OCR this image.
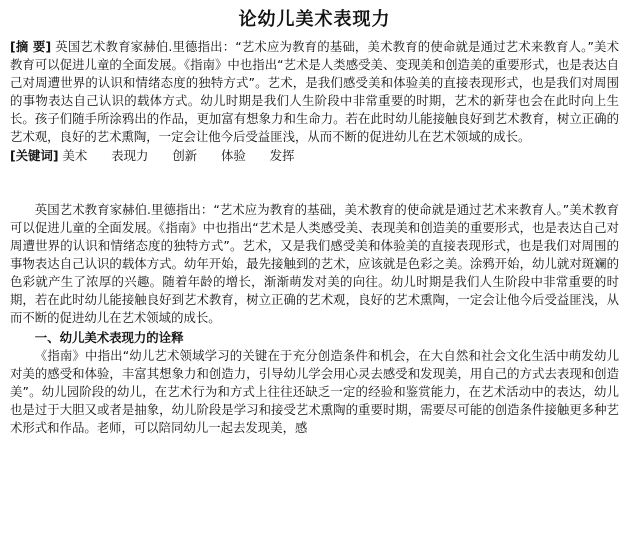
论幼儿美术表现力

[摘 要] 英国艺术教育家赫伯.里德指出：“艺术应为教育的基础，美术教育的使命就是通过艺术来教育人。”美术教育可以促进儿童的全面发展。《指南》中也指出“艺术是人类感受美、变现美和创造美的重要形式，也是表达自己对周遭世界的认识和情绪态度的独特方式”。艺术，是我们感受美和体验美的直接表现形式，也是我们对周围的事物表达自己认识的载体方式。幼儿时期是我们人生阶段中非常重要的时期，艺术的新芽也会在此时向上生长。孩子们随手所涂鸦出的作品，更加富有想象力和生命力。若在此时幼儿能接触良好到艺术教育，树立正确的艺术观，良好的艺术熏陶，一定会让他今后受益匪浅，从而不断的促进幼儿在艺术领域的成长。

[关键词] 美术 表现力 创新 体验 发挥

英国艺术教育家赫伯.里德指出：“艺术应为教育的基础，美术教育的使命就是通过艺术来教育人。”美术教育可以促进儿童的全面发展。《指南》中也指出“艺术是人类感受美、表现美和创造美的重要形式，也是表达自己对周遭世界的认识和情绪态度的独特方式”。艺术，又是我们感受美和体验美的直接表现形式，也是我们对周围的事物表达自己认识的载体方式。幼年开始，最先接触到的艺术，应该就是色彩之美。涂鸦开始，幼儿就对斑斓的色彩就产生了浓厚的兴趣。随着年龄的增长，渐渐萌发对美的向往。幼儿时期是我们人生阶段中非常重要的时期，若在此时幼儿能接触良好到艺术教育，树立正确的艺术观，良好的艺术熏陶，一定会让他今后受益匪浅，从而不断的促进幼儿在艺术领域的成长。

一、幼儿美术表现力的诠释

《指南》中指出“幼儿艺术领域学习的关键在于充分创造条件和机会，在大自然和社会文化生活中萌发幼儿对美的感受和体验，丰富其想象力和创造力，引导幼儿学会用心灵去感受和发现美，用自己的方式去表现和创造美”。幼儿园阶段的幼儿，在艺术行为和方式上往往还缺乏一定的经验和鉴赏能力，在艺术活动中的表达，幼儿也是过于大胆又或者是抽象，幼儿阶段是学习和接受艺术熏陶的重要时期，需要尽可能的创造条件接触更多种艺术形式和作品。老师，可以陪同幼儿一起去发现美，感
